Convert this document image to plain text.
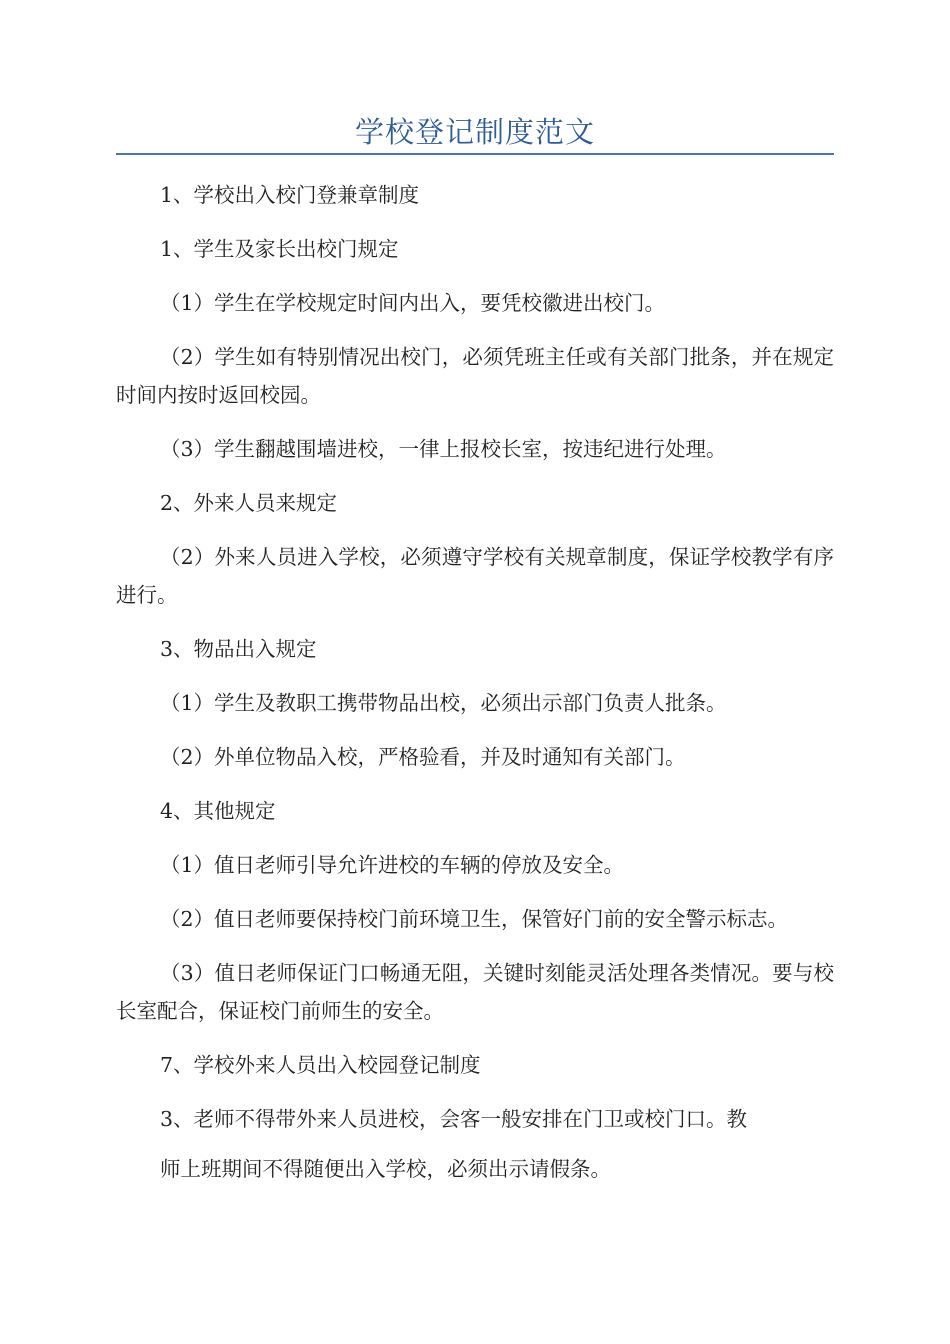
学校登记制度范文

1、学校出入校门登兼章制度

1、学生及家长出校门规定

（1）学生在学校规定时间内出入，要凭校徽进出校门。

（2）学生如有特别情况出校门，必须凭班主任或有关部门批条，并在规定时间内按时返回校园。

（3）学生翻越围墙进校，一律上报校长室，按违纪进行处理。

2、外来人员来规定

（2）外来人员进入学校，必须遵守学校有关规章制度，保证学校教学有序进行。

3、物品出入规定

（1）学生及教职工携带物品出校，必须出示部门负责人批条。

（2）外单位物品入校，严格验看，并及时通知有关部门。

4、其他规定

（1）值日老师引导允许进校的车辆的停放及安全。

（2）值日老师要保持校门前环境卫生，保管好门前的安全警示标志。

（3）值日老师保证门口畅通无阻，关键时刻能灵活处理各类情况。要与校长室配合，保证校门前师生的安全。

7、学校外来人员出入校园登记制度

3、老师不得带外来人员进校，会客一般安排在门卫或校门口。教

师上班期间不得随便出入学校，必须出示请假条。
